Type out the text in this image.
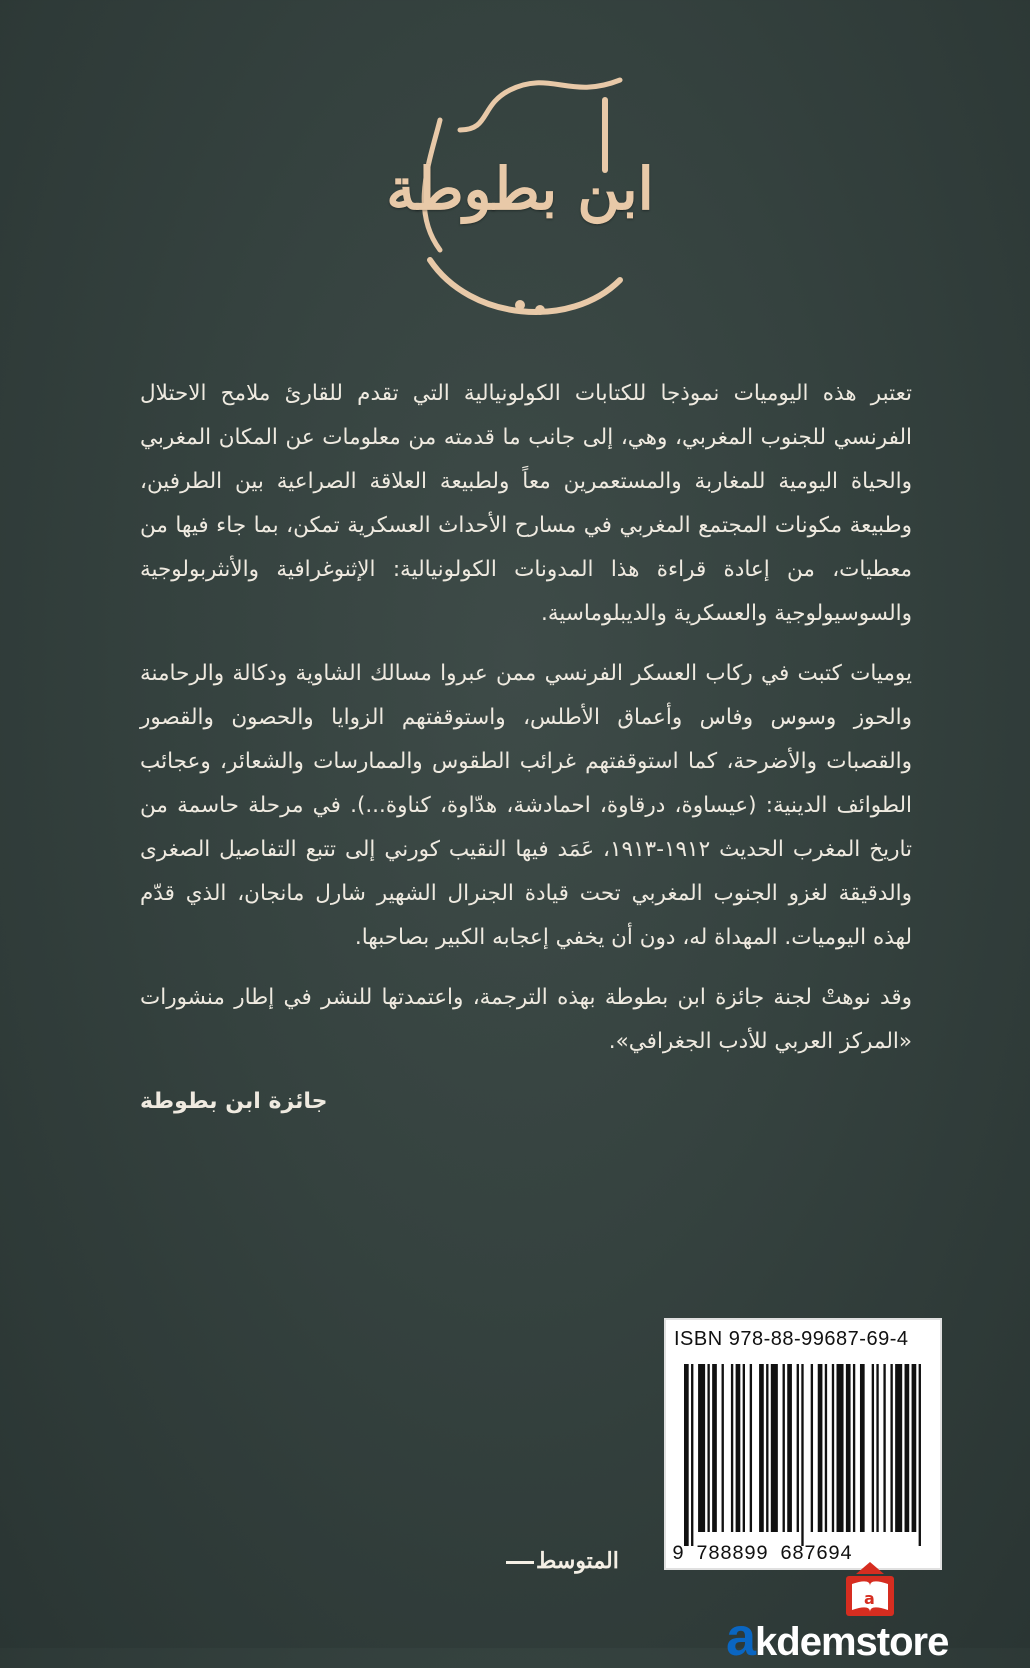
ابن بطوطة

تعتبر هذه اليوميات نموذجا للكتابات الكولونيالية التي تقدم للقارئ ملامح الاحتلال الفرنسي للجنوب المغربي، وهي، إلى جانب ما قدمته من معلومات عن المكان المغربي والحياة اليومية للمغاربة والمستعمرين معاً ولطبيعة العلاقة الصراعية بين الطرفين، وطبيعة مكونات المجتمع المغربي في مسارح الأحداث العسكرية تمكن، بما جاء فيها من معطيات، من إعادة قراءة هذا المدونات الكولونيالية: الإثنوغرافية والأنثربولوجية والسوسيولوجية والعسكرية والديبلوماسية.

يوميات كتبت في ركاب العسكر الفرنسي ممن عبروا مسالك الشاوية ودكالة والرحامنة والحوز وسوس وفاس وأعماق الأطلس، واستوقفتهم الزوايا والحصون والقصور والقصبات والأضرحة، كما استوقفتهم غرائب الطقوس والممارسات والشعائر، وعجائب الطوائف الدينية: (عيساوة، درقاوة، احمادشة، هدّاوة، كناوة...). في مرحلة حاسمة من تاريخ المغرب الحديث ١٩١٢-١٩١٣، عَمَد فيها النقيب كورني إلى تتبع التفاصيل الصغرى والدقيقة لغزو الجنوب المغربي تحت قيادة الجنرال الشهير شارل مانجان، الذي قدّم لهذه اليوميات. المهداة له، دون أن يخفي إعجابه الكبير بصاحبها.

وقد نوهتْ لجنة جائزة ابن بطوطة بهذه الترجمة، واعتمدتها للنشر في إطار منشورات «المركز العربي للأدب الجغرافي».

جائزة ابن بطوطة

ISBN 978-88-99687-69-4
9 788899 687694
المتوسط
a
akdemstore
